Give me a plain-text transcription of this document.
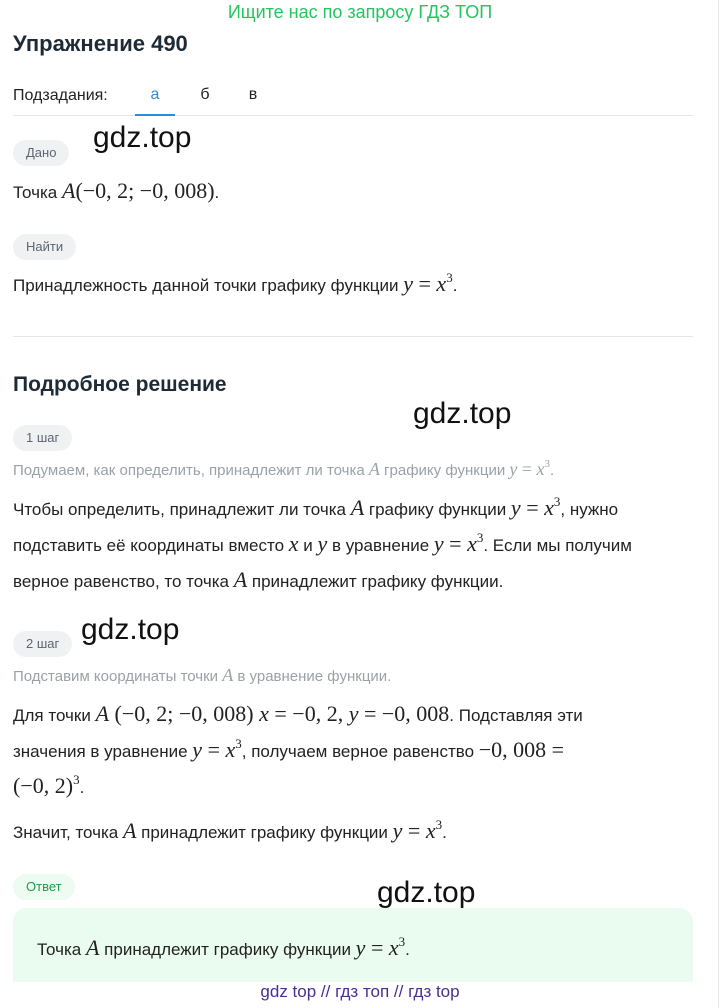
Ищите нас по запросу ГДЗ ТОП
Упражнение 490
Подзадания:	а	б	в
Дано	gdz.top
Точка A(−0, 2; −0, 008).
Найти
Принадлежность данной точки графику функции $y = x^3$.
Подробное решение
gdz.top
1 шаг
Подумаем, как определить, принадлежит ли точка A графику функции $y = x^3$.
Чтобы определить, принадлежит ли точка A графику функции $y = x^3$, нужно
подставить её координаты вместо x и y в уравнение $y = x^3$. Если мы получим
верное равенство, то точка A принадлежит графику функции.
2 шаг gdz.top
Подставим координаты точки A в уравнение функции.
Для точки A (−0, 2; −0, 008) x = −0, 2, y = −0, 008. Подставляя эти
значения в уравнение $y = x^3$, получаем верное равенство −0, 008 =
(−0, 2)$^3$.
Значит, точка A принадлежит графику функции $y = x^3$.
Ответ	gdz.top
Точка A принадлежит графику функции $y = x^3$.
gdz top // гдз топ // гдз top
